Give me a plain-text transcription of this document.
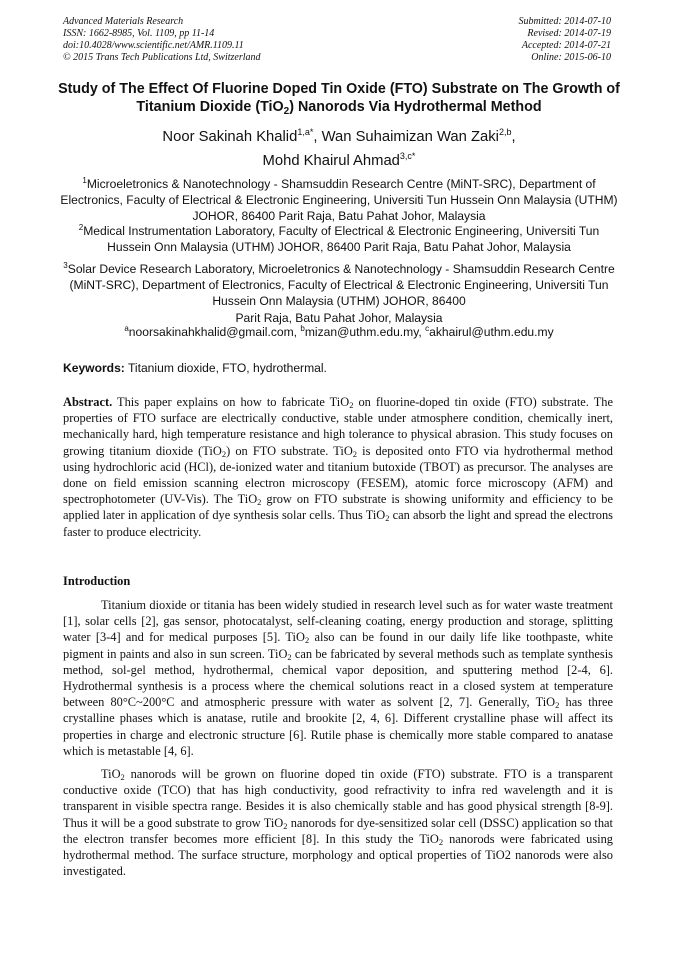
Advanced Materials Research
ISSN: 1662-8985, Vol. 1109, pp 11-14
doi:10.4028/www.scientific.net/AMR.1109.11
© 2015 Trans Tech Publications Ltd, Switzerland
Submitted: 2014-07-10
Revised: 2014-07-19
Accepted: 2014-07-21
Online: 2015-06-10
Study of The Effect Of Fluorine Doped Tin Oxide (FTO) Substrate on The Growth of Titanium Dioxide (TiO$_2$) Nanorods Via Hydrothermal Method
Noor Sakinah Khalid$^{1,a*}$, Wan Suhaimizan Wan Zaki$^{2,b}$,
Mohd Khairul Ahmad$^{3,c*}$
$^1$Microeletronics & Nanotechnology - Shamsuddin Research Centre (MiNT-SRC), Department of Electronics, Faculty of Electrical & Electronic Engineering, Universiti Tun Hussein Onn Malaysia (UTHM) JOHOR, 86400 Parit Raja, Batu Pahat Johor, Malaysia
$^2$Medical Instrumentation Laboratory, Faculty of Electrical & Electronic Engineering, Universiti Tun Hussein Onn Malaysia (UTHM) JOHOR, 86400 Parit Raja, Batu Pahat Johor, Malaysia
$^3$Solar Device Research Laboratory, Microeletronics & Nanotechnology - Shamsuddin Research Centre (MiNT-SRC), Department of Electronics, Faculty of Electrical & Electronic Engineering, Universiti Tun Hussein Onn Malaysia (UTHM) JOHOR, 86400
Parit Raja, Batu Pahat Johor, Malaysia
$^a$noorsakinahkhalid@gmail.com, $^b$mizan@uthm.edu.my, $^c$akhairul@uthm.edu.my
Keywords: Titanium dioxide, FTO, hydrothermal.
Abstract. This paper explains on how to fabricate TiO$_2$ on fluorine-doped tin oxide (FTO) substrate. The properties of FTO surface are electrically conductive, stable under atmosphere condition, chemically inert, mechanically hard, high temperature resistance and high tolerance to physical abrasion. This study focuses on growing titanium dioxide (TiO$_2$) on FTO substrate. TiO$_2$ is deposited onto FTO via hydrothermal method using hydrochloric acid (HCl), de-ionized water and titanium butoxide (TBOT) as precursor. The analyses are done on field emission scanning electron microscopy (FESEM), atomic force microscopy (AFM) and spectrophotometer (UV-Vis). The TiO$_2$ grow on FTO substrate is showing uniformity and efficiency to be applied later in application of dye synthesis solar cells. Thus TiO$_2$ can absorb the light and spread the electrons faster to produce electricity.
Introduction
Titanium dioxide or titania has been widely studied in research level such as for water waste treatment [1], solar cells [2], gas sensor, photocatalyst, self-cleaning coating, energy production and storage, splitting water [3-4] and for medical purposes [5]. TiO$_2$ also can be found in our daily life like toothpaste, white pigment in paints and also in sun screen. TiO$_2$ can be fabricated by several methods such as template synthesis method, sol-gel method, hydrothermal, chemical vapor deposition, and sputtering method [2-4, 6]. Hydrothermal synthesis is a process where the chemical solutions react in a closed system at temperature between 80°C~200°C and atmospheric pressure with water as solvent [2, 7]. Generally, TiO$_2$ has three crystalline phases which is anatase, rutile and brookite [2, 4, 6]. Different crystalline phase will affect its properties in charge and electronic structure [6]. Rutile phase is chemically more stable compared to anatase which is metastable [4, 6].
TiO$_2$ nanorods will be grown on fluorine doped tin oxide (FTO) substrate. FTO is a transparent conductive oxide (TCO) that has high conductivity, good refractivity to infra red wavelength and it is transparent in visible spectra range. Besides it is also chemically stable and has good physical strength [8-9]. Thus it will be a good substrate to grow TiO$_2$ nanorods for dye-sensitized solar cell (DSSC) application so that the electron transfer becomes more efficient [8]. In this study the TiO$_2$ nanorods were fabricated using hydrothermal method. The surface structure, morphology and optical properties of TiO2 nanorods were also investigated.
